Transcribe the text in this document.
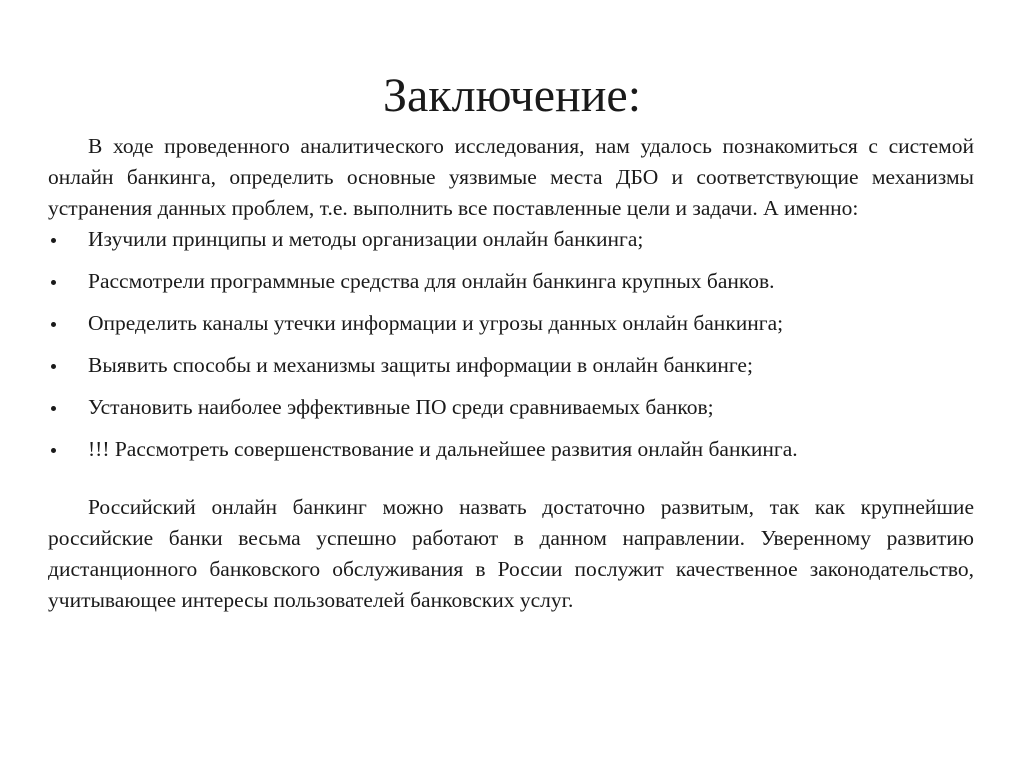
Заключение:

В ходе проведенного аналитического исследования, нам удалось познакомиться с системой онлайн банкинга, определить основные уязвимые места ДБО и соответствующие механизмы устранения данных проблем, т.е. выполнить все поставленные цели и задачи. А именно:

Изучили принципы и методы организации онлайн банкинга;
Рассмотрели программные средства для онлайн банкинга крупных банков.
Определить каналы утечки информации и угрозы данных онлайн банкинга;
Выявить способы и механизмы защиты информации в онлайн банкинге;
Установить наиболее эффективные ПО среди сравниваемых банков;
!!! Рассмотреть совершенствование и дальнейшее развития онлайн банкинга.

Российский онлайн банкинг можно назвать достаточно развитым, так как крупнейшие российские банки весьма успешно работают в данном направлении. Уверенному развитию дистанционного банковского обслуживания в России послужит качественное законодательство, учитывающее интересы пользователей банковских услуг.
